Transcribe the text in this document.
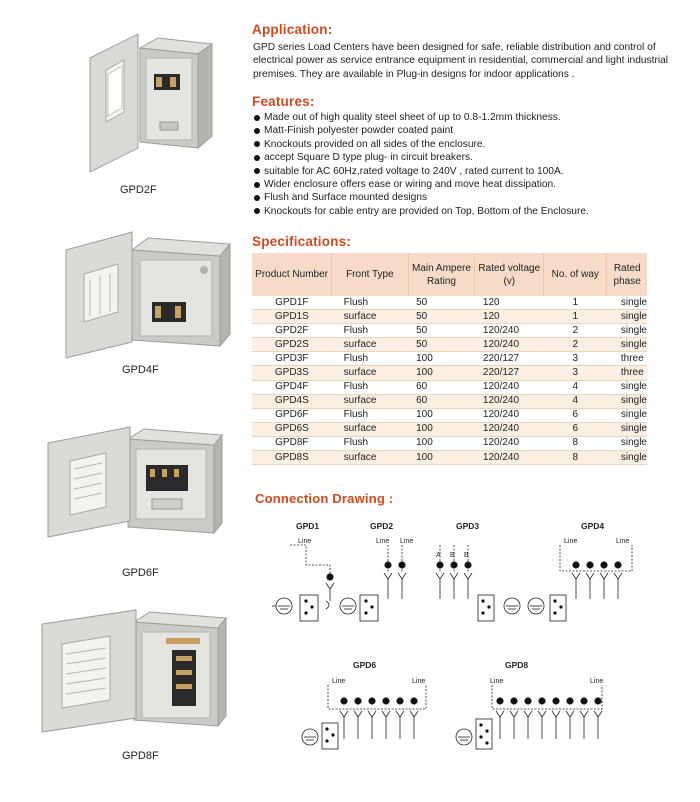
GPD2F
GPD4F
GPD6F
GPD8F
Application:
GPD series Load Centers have been designed for safe, reliable distribution and control of electrical power as service entrance equipment in residential, commercial and light industrial premises. They are available in Plug-in designs for indoor applications .
Features:
Made out of high quality steel sheet of up to 0.8-1.2mm thickness.
Matt-Finish polyester powder coated paint
Knockouts provided on all sides of the enclosure.
accept Square D type plug- in circuit breakers.
suitable for AC 60Hz,rated voltage to 240V , rated current to 100A.
Wider enclosure offers ease or wiring and move heat dissipation.
Flush and Surface mounted designs
Knockouts for cable entry are provided on Top, Bottom of the Enclosure.
Specifications:
Product Number	Front Type	Main Ampere Rating	Rated voltage (v)	No. of way	Rated phase
GPD1F	Flush	50	120	1	single
GPD1S	surface	50	120	1	single
GPD2F	Flush	50	120/240	2	single
GPD2S	surface	50	120/240	2	single
GPD3F	Flush	100	220/127	3	three
GPD3S	surface	100	220/127	3	three
GPD4F	Flush	60	120/240	4	single
GPD4S	surface	60	120/240	4	single
GPD6F	Flush	100	120/240	6	single
GPD6S	surface	100	120/240	6	single
GPD8F	Flush	100	120/240	8	single
GPD8S	surface	100	120/240	8	single
Connection Drawing :
Line	Line Line
A B B
Line	Line
Line	Line	Line	Line
GPD1	GPD2	GPD3	GPD4
GPD6	GPD8
